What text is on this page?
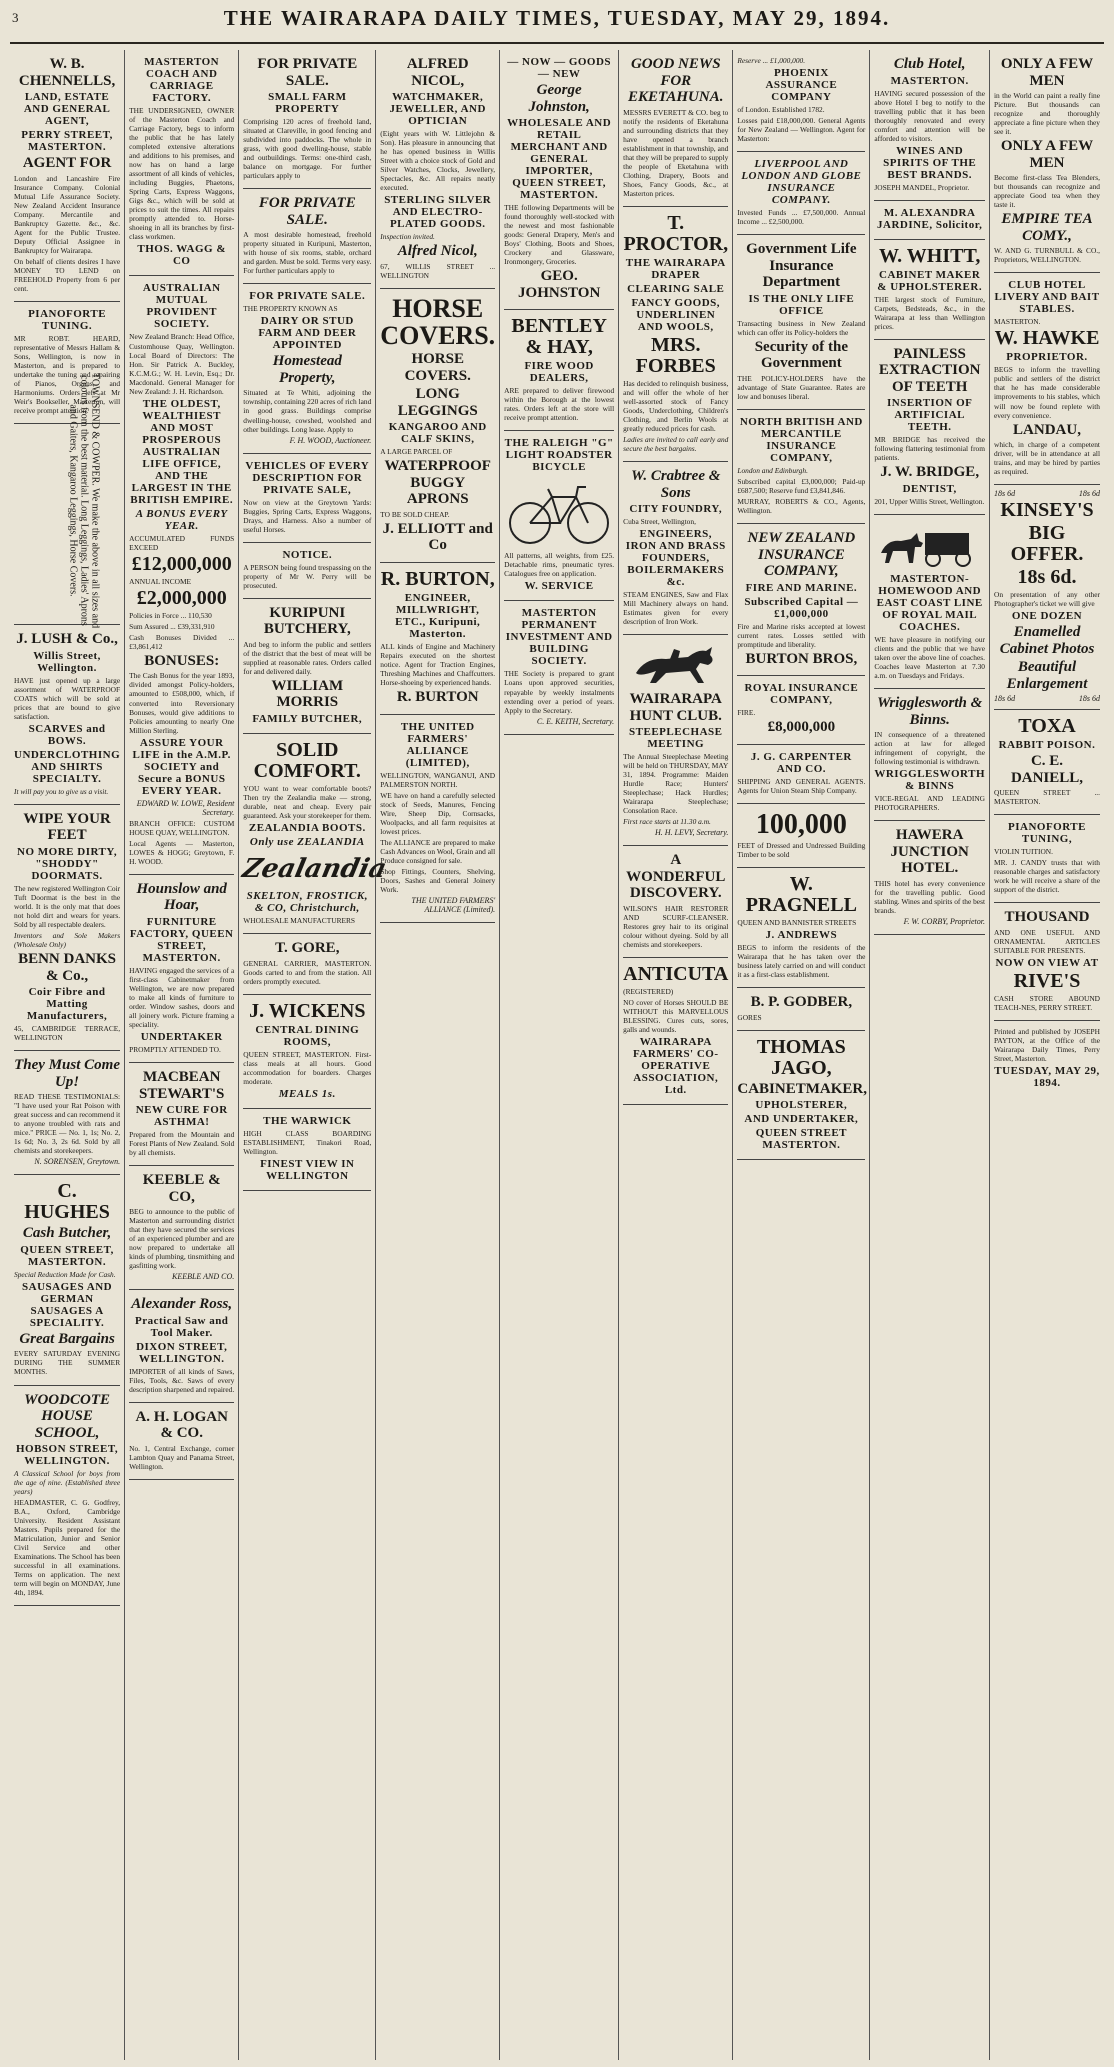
3	THE WAIRARAPA DAILY TIMES, TUESDAY, MAY 29, 1894.
W. B. CHENNELLS,
LAND, ESTATE AND GENERAL AGENT,
PERRY STREET, MASTERTON.
AGENT FOR
London and Lancashire Fire Insurance Company. Colonial Mutual Life Assurance Society. New Zealand Accident Insurance Company. Mercantile and Bankruptcy Gazette. &c., &c. Agent for the Public Trustee. Deputy Official Assignee in Bankruptcy for Wairarapa.
On behalf of clients desires I have MONEY TO LEND on FREEHOLD Property from 6 per cent.
PIANOFORTE TUNING.
MR ROBT. HEARD, representative of Messrs Hallam & Sons, Wellington, is now in Masterton, and is prepared to undertake the tuning and repairing of Pianos, Organs, and Harmoniums. Orders left at Mr Weir's Bookseller, Masterton, will receive prompt attention. TOWNSEND & COWPER. We make the above in all sizes and colours from the best material. Long Leggings, Ladies' Aprons and Gaiters, Kangaroo Leggings, Horse Covers.
J. LUSH & Co.,
Willis Street, Wellington.
HAVE just opened up a large assortment of WATERPROOF COATS which will be sold at prices that are bound to give satisfaction.
SCARVES and BOWS.
UNDERCLOTHING AND SHIRTS SPECIALTY.
It will pay you to give us a visit.
WIPE YOUR FEET
NO MORE DIRTY, "SHODDY" DOORMATS.
The new registered Wellington Coir Tuft Doormat is the best in the world. It is the only mat that does not hold dirt and wears for years. Sold by all respectable dealers.
Inventors and Sole Makers (Wholesale Only)
BENN DANKS & Co.,
Coir Fibre and Matting Manufacturers,
45, CAMBRIDGE TERRACE, WELLINGTON
They Must Come Up!
READ THESE TESTIMONIALS: "I have used your Rat Poison with great success and can recommend it to anyone troubled with rats and mice." PRICE — No. 1, 1s; No. 2, 1s 6d; No. 3, 2s 6d. Sold by all chemists and storekeepers.
N. SORENSEN, Greytown.
C. HUGHES
Cash Butcher,
QUEEN STREET, MASTERTON.
Special Reduction Made for Cash.
SAUSAGES AND GERMAN SAUSAGES A SPECIALITY.
Great Bargains
EVERY SATURDAY EVENING DURING THE SUMMER MONTHS.
WOODCOTE HOUSE SCHOOL,
HOBSON STREET, WELLINGTON.
A Classical School for boys from the age of nine. (Established three years)
HEADMASTER, C. G. Godfrey, B.A., Oxford, Cambridge University. Resident Assistant Masters. Pupils prepared for the Matriculation, Junior and Senior Civil Service and other Examinations. The School has been successful in all examinations. Terms on application. The next term will begin on MONDAY, June 4th, 1894.
MASTERTON COACH AND CARRIAGE FACTORY.
THE UNDERSIGNED, OWNER of the Masterton Coach and Carriage Factory, begs to inform the public that he has lately completed extensive alterations and additions to his premises, and now has on hand a large assortment of all kinds of vehicles, including Buggies, Phaetons, Spring Carts, Express Waggons, Gigs &c., which will be sold at prices to suit the times. All repairs promptly attended to. Horse-shoeing in all its branches by first-class workmen.
THOS. WAGG & CO
AUSTRALIAN MUTUAL PROVIDENT SOCIETY.
New Zealand Branch: Head Office, Customhouse Quay, Wellington. Local Board of Directors: The Hon. Sir Patrick A. Buckley, K.C.M.G.; W. H. Levin, Esq.; Dr. Macdonald. General Manager for New Zealand: J. H. Richardson.
THE OLDEST, WEALTHIEST AND MOST PROSPEROUS AUSTRALIAN LIFE OFFICE, AND THE LARGEST IN THE BRITISH EMPIRE.
A BONUS EVERY YEAR.
ACCUMULATED FUNDS EXCEED
£12,000,000
ANNUAL INCOME
£2,000,000
Policies in Force ... 110,530
Sum Assured ... £39,331,910
Cash Bonuses Divided ... £3,861,412
BONUSES:
The Cash Bonus for the year 1893, divided amongst Policy-holders, amounted to £508,000, which, if converted into Reversionary Bonuses, would give additions to Policies amounting to nearly One Million Sterling.
ASSURE YOUR LIFE in the A.M.P. SOCIETY and Secure a BONUS EVERY YEAR.
EDWARD W. LOWE, Resident Secretary.
BRANCH OFFICE: CUSTOM HOUSE QUAY, WELLINGTON.
Local Agents — Masterton, LOWES & HOGG; Greytown, F. H. WOOD.
Hounslow and Hoar,
FURNITURE FACTORY, QUEEN STREET, MASTERTON.
HAVING engaged the services of a first-class Cabinetmaker from Wellington, we are now prepared to make all kinds of furniture to order. Window sashes, doors and all joinery work. Picture framing a speciality.
UNDERTAKER
PROMPTLY ATTENDED TO.
MACBEAN STEWART'S
NEW CURE FOR ASTHMA!
Prepared from the Mountain and Forest Plants of New Zealand. Sold by all chemists.
KEEBLE & CO,
BEG to announce to the public of Masterton and surrounding district that they have secured the services of an experienced plumber and are now prepared to undertake all kinds of plumbing, tinsmithing and gasfitting work.
KEEBLE AND CO.
Alexander Ross,
Practical Saw and Tool Maker.
DIXON STREET, WELLINGTON.
IMPORTER of all kinds of Saws, Files, Tools, &c. Saws of every description sharpened and repaired.
A. H. LOGAN & CO.
No. 1, Central Exchange, corner Lambton Quay and Panama Street, Wellington.
FOR PRIVATE SALE.
SMALL FARM PROPERTY
Comprising 120 acres of freehold land, situated at Clareville, in good fencing and subdivided into paddocks. The whole in grass, with good dwelling-house, stable and outbuildings. Terms: one-third cash, balance on mortgage. For further particulars apply to
FOR PRIVATE SALE.
A most desirable homestead, freehold property situated in Kuripuni, Masterton, with house of six rooms, stable, orchard and garden. Must be sold. Terms very easy. For further particulars apply to
FOR PRIVATE SALE.
THE PROPERTY KNOWN AS
DAIRY OR STUD FARM AND DEER APPOINTED
Homestead Property,
Situated at Te Whiti, adjoining the township, containing 220 acres of rich land in good grass. Buildings comprise dwelling-house, cowshed, woolshed and other buildings. Long lease. Apply to
F. H. WOOD, Auctioneer.
VEHICLES OF EVERY DESCRIPTION FOR PRIVATE SALE,
Now on view at the Greytown Yards: Buggies, Spring Carts, Express Waggons, Drays, and Harness. Also a number of useful Horses.
NOTICE.
A PERSON being found trespassing on the property of Mr W. Perry will be prosecuted.
KURIPUNI BUTCHERY,
And beg to inform the public and settlers of the district that the best of meat will be supplied at reasonable rates. Orders called for and delivered daily.
WILLIAM MORRIS
FAMILY BUTCHER,
SOLID COMFORT.
YOU want to wear comfortable boots? Then try the Zealandia make — strong, durable, neat and cheap. Every pair guaranteed. Ask your storekeeper for them.
ZEALANDIA BOOTS.
Only use ZEALANDIA
Zealandia
SKELTON, FROSTICK, & CO, Christchurch,
WHOLESALE MANUFACTURERS
T. GORE,
GENERAL CARRIER, MASTERTON. Goods carted to and from the station. All orders promptly executed.
J. WICKENS
CENTRAL DINING ROOMS,
QUEEN STREET, MASTERTON. First-class meals at all hours. Good accommodation for boarders. Charges moderate.
MEALS 1s.
THE WARWICK
HIGH CLASS BOARDING ESTABLISHMENT, Tinakori Road, Wellington.
FINEST VIEW IN WELLINGTON
ALFRED NICOL,
WATCHMAKER, JEWELLER, AND OPTICIAN
(Eight years with W. Littlejohn & Son). Has pleasure in announcing that he has opened business in Willis Street with a choice stock of Gold and Silver Watches, Clocks, Jewellery, Spectacles, &c. All repairs neatly executed.
STERLING SILVER AND ELECTRO-PLATED GOODS.
Inspection invited.
Alfred Nicol,
67, WILLIS STREET ... WELLINGTON
HORSE COVERS.
HORSE COVERS.
LONG LEGGINGS
KANGAROO AND CALF SKINS,
A LARGE PARCEL OF
WATERPROOF BUGGY APRONS
TO BE SOLD CHEAP.
J. ELLIOTT and Co
R. BURTON,
ENGINEER, MILLWRIGHT, ETC., Kuripuni, Masterton.
ALL kinds of Engine and Machinery Repairs executed on the shortest notice. Agent for Traction Engines, Threshing Machines and Chaffcutters. Horse-shoeing by experienced hands.
R. BURTON
THE UNITED FARMERS' ALLIANCE (LIMITED),
WELLINGTON, WANGANUI, AND PALMERSTON NORTH.
WE have on hand a carefully selected stock of Seeds, Manures, Fencing Wire, Sheep Dip, Cornsacks, Woolpacks, and all farm requisites at lowest prices.
The ALLIANCE are prepared to make Cash Advances on Wool, Grain and all Produce consigned for sale.
Shop Fittings, Counters, Shelving, Doors, Sashes and General Joinery Work.
THE UNITED FARMERS' ALLIANCE (Limited).
— NOW — GOODS — NEW
George Johnston,
WHOLESALE AND RETAIL MERCHANT AND GENERAL IMPORTER, QUEEN STREET, MASTERTON.
THE following Departments will be found thoroughly well-stocked with the newest and most fashionable goods: General Drapery, Men's and Boys' Clothing, Boots and Shoes, Crockery and Glassware, Ironmongery, Groceries.
GEO. JOHNSTON
BENTLEY & HAY,
FIRE WOOD DEALERS,
ARE prepared to deliver firewood within the Borough at the lowest rates. Orders left at the store will receive prompt attention.
THE RALEIGH "G" LIGHT ROADSTER BICYCLE
All patterns, all weights, from £25. Detachable rims, pneumatic tyres. Catalogues free on application.
W. SERVICE
MASTERTON PERMANENT INVESTMENT AND BUILDING SOCIETY.
THE Society is prepared to grant Loans upon approved securities, repayable by weekly instalments extending over a period of years. Apply to the Secretary.
C. E. KEITH, Secretary.
GOOD NEWS FOR EKETAHUNA.
MESSRS EVERETT & CO. beg to notify the residents of Eketahuna and surrounding districts that they have opened a branch establishment in that township, and that they will be prepared to supply the people of Eketahuna with Clothing, Drapery, Boots and Shoes, Fancy Goods, &c., at Masterton prices.
T. PROCTOR,
THE WAIRARAPA DRAPER
CLEARING SALE
FANCY GOODS, UNDERLINEN AND WOOLS,
MRS. FORBES
Has decided to relinquish business, and will offer the whole of her well-assorted stock of Fancy Goods, Underclothing, Children's Clothing, and Berlin Wools at greatly reduced prices for cash.
Ladies are invited to call early and secure the best bargains.
W. Crabtree & Sons
CITY FOUNDRY,
Cuba Street, Wellington,
ENGINEERS, IRON AND BRASS FOUNDERS, BOILERMAKERS &c.
STEAM ENGINES, Saw and Flax Mill Machinery always on hand. Estimates given for every description of Iron Work.
WAIRARAPA HUNT CLUB.
STEEPLECHASE MEETING
The Annual Steeplechase Meeting will be held on THURSDAY, MAY 31, 1894. Programme: Maiden Hurdle Race; Hunters' Steeplechase; Hack Hurdles; Wairarapa Steeplechase; Consolation Race.
First race starts at 11.30 a.m.
H. H. LEVY, Secretary.
A WONDERFUL DISCOVERY.
WILSON'S HAIR RESTORER AND SCURF-CLEANSER. Restores grey hair to its original colour without dyeing. Sold by all chemists and storekeepers.
ANTICUTA
(REGISTERED)
NO cover of Horses SHOULD BE WITHOUT this MARVELLOUS BLESSING. Cures cuts, sores, galls and wounds.
WAIRARAPA FARMERS' CO-OPERATIVE ASSOCIATION, Ltd.
Reserve ... £1,000,000.
PHOENIX ASSURANCE COMPANY
of London. Established 1782.
Losses paid £18,000,000. General Agents for New Zealand — Wellington. Agent for Masterton:
LIVERPOOL AND LONDON AND GLOBE INSURANCE COMPANY.
Invested Funds ... £7,500,000. Annual Income ... £2,500,000.
Government Life Insurance Department
IS THE ONLY LIFE OFFICE
Transacting business in New Zealand which can offer its Policy-holders the
Security of the Government
THE POLICY-HOLDERS have the advantage of State Guarantee. Rates are low and bonuses liberal.
NORTH BRITISH AND MERCANTILE INSURANCE COMPANY,
London and Edinburgh.
Subscribed capital £3,000,000; Paid-up £687,500; Reserve fund £3,841,846.
MURRAY, ROBERTS & CO., Agents, Wellington.
NEW ZEALAND INSURANCE COMPANY,
FIRE AND MARINE.
Subscribed Capital — £1,000,000
Fire and Marine risks accepted at lowest current rates. Losses settled with promptitude and liberality.
BURTON BROS,
ROYAL INSURANCE COMPANY,
FIRE.
£8,000,000
J. G. CARPENTER AND CO.
SHIPPING AND GENERAL AGENTS. Agents for Union Steam Ship Company.
100,000
FEET of Dressed and Undressed Building Timber to be sold
W. PRAGNELL
QUEEN AND BANNISTER STREETS
J. ANDREWS
BEGS to inform the residents of the Wairarapa that he has taken over the business lately carried on and will conduct it as a first-class establishment.
B. P. GODBER,
GORES
THOMAS JAGO,
CABINETMAKER,
UPHOLSTERER,
AND UNDERTAKER,
QUEEN STREET MASTERTON.
Club Hotel,
MASTERTON.
HAVING secured possession of the above Hotel I beg to notify to the travelling public that it has been thoroughly renovated and every comfort and attention will be afforded to visitors.
WINES AND SPIRITS OF THE BEST BRANDS.
JOSEPH MANDEL, Proprietor.
M. ALEXANDRA JARDINE, Solicitor,
W. WHITT,
CABINET MAKER & UPHOLSTERER.
THE largest stock of Furniture, Carpets, Bedsteads, &c., in the Wairarapa at less than Wellington prices.
PAINLESS EXTRACTION OF TEETH
INSERTION OF ARTIFICIAL TEETH.
MR BRIDGE has received the following flattering testimonial from patients.
J. W. BRIDGE,
DENTIST,
201, Upper Willis Street, Wellington.
MASTERTON-HOMEWOOD AND EAST COAST LINE OF ROYAL MAIL COACHES.
WE have pleasure in notifying our clients and the public that we have taken over the above line of coaches. Coaches leave Masterton at 7.30 a.m. on Tuesdays and Fridays.
Wrigglesworth & Binns.
IN consequence of a threatened action at law for alleged infringement of copyright, the following testimonial is withdrawn.
WRIGGLESWORTH & BINNS
VICE-REGAL AND LEADING PHOTOGRAPHERS.
HAWERA JUNCTION HOTEL.
THIS hotel has every convenience for the travelling public. Good stabling. Wines and spirits of the best brands.
F. W. CORBY, Proprietor.
ONLY A FEW MEN
in the World can paint a really fine Picture. But thousands can recognize and thoroughly appreciate a fine picture when they see it.
ONLY A FEW MEN
Become first-class Tea Blenders, but thousands can recognize and appreciate Good tea when they taste it.
EMPIRE TEA COMY.,
W. AND G. TURNBULL & CO., Proprietors, WELLINGTON.
CLUB HOTEL LIVERY AND BAIT STABLES.
MASTERTON.
W. HAWKE
PROPRIETOR.
BEGS to inform the travelling public and settlers of the district that he has made considerable improvements to his stables, which will now be found replete with every convenience.
LANDAU,
which, in charge of a competent driver, will be in attendance at all trains, and may be hired by parties as required.
18s 6d	18s 6d
KINSEY'S
BIG OFFER.
18s 6d.
On presentation of any other Photographer's ticket we will give
ONE DOZEN
Enamelled Cabinet Photos
Beautiful Enlargement
18s 6d	18s 6d
TOXA
RABBIT POISON.
C. E. DANIELL,
QUEEN STREET ... MASTERTON.
PIANOFORTE TUNING,
VIOLIN TUITION.
MR. J. CANDY trusts that with reasonable charges and satisfactory work he will receive a share of the support of the district.
THOUSAND
AND ONE USEFUL AND ORNAMENTAL ARTICLES SUITABLE FOR PRESENTS.
NOW ON VIEW AT
RIVE'S
CASH STORE ABOUND TEACH-NES, PERRY STREET.
Printed and published by JOSEPH PAYTON, at the Office of the Wairarapa Daily Times, Perry Street, Masterton.
TUESDAY, MAY 29, 1894.
